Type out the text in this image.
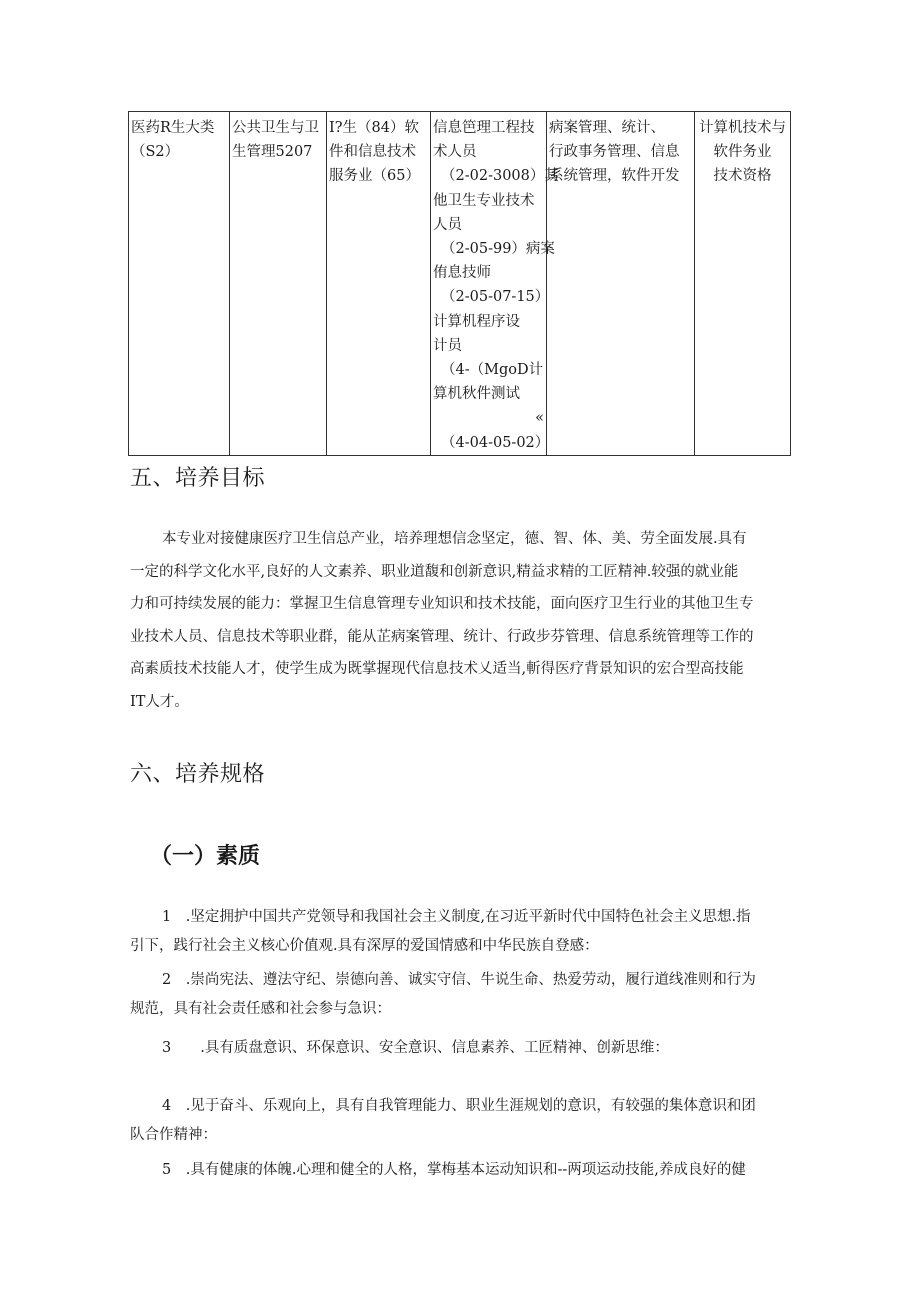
医药R生大类
（S2）

公共卫生与卫
生管理5207

I?生（84）软
件和信息技术
服务业（65）

信息笆理工程技
术人员
（2-02-3008）其
他卫生专业技术
人员
（2-05-99）病案
侑息技师
（2-05-07-15）
计算机程序设
计员
（4-（MgoD计
算机秋件测试
«
（4-04-05-02）

病案管理、统计、
行政事务管理、信息
系统管理，软件开发

计算机技术与
软件务业
技术资格
五、培养目标
本专业对接健康医疗卫生信总产业，培养理想信念坚定，德、智、体、美、劳全面发展.具有
一定的科学文化水平,良好的人文素养、职业道馥和创新意识,精益求精的工匠精神.较强的就业能
力和可持续发展的能力：掌握卫生信息管理专业知识和技术技能，面向医疗卫生行业的其他卫生专
业技术人员、信息技术等职业群，能从芷病案管理、统计、行政步芬管理、信息系统管理等工作的
高素质技术技能人才，使学生成为既掌握现代信息技术乂适当,斬得医疗背景知识的宏合型高技能
IT人才。
六、培养规格
（一）素质
1　.坚定拥护中国共产党领导和我国社会主义制度,在习近平新时代中国特色社会主义思想.指
引下，践行社会主义核心价值观.具有深厚的爱国情感和中华民族自登感：
2　.崇尚宪法、遵法守纪、崇德向善、诚实守信、牛说生命、热爱劳动，履行道线准则和行为
规范，具有社会责任感和社会参与急识：
3　　.具有质盘意识、环保意识、安全意识、信息素养、工匠精神、创新思维：
4　.见于奋斗、乐观向上，具有自我管理能力、职业生涯规划的意识，有较强的集体意识和团
队合作精神：
5　.具有健康的体魄.心理和健全的人格，掌梅基本运动知识和--两项运动技能,养成良好的健
